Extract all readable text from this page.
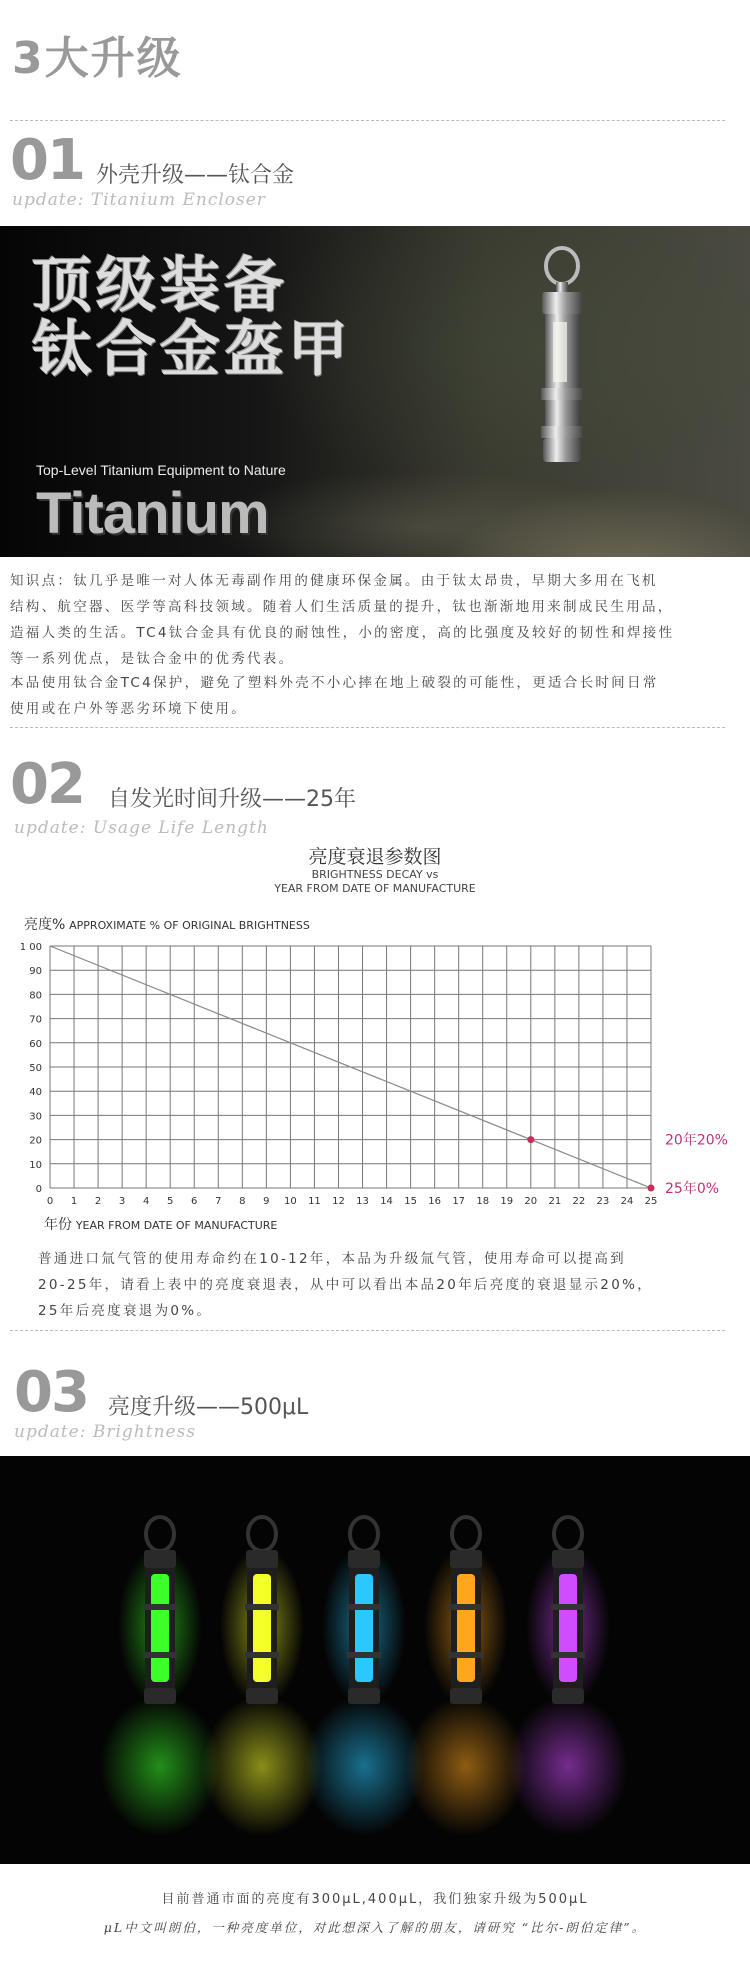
3大升级
01 外壳升级——钛合金
update: Titanium Encloser
顶级装备
钛合金盔甲
Top-Level Titanium Equipment to Nature
Titanium
知识点：钛几乎是唯一对人体无毒副作用的健康环保金属。由于钛太昂贵，早期大多用在飞机
结构、航空器、医学等高科技领域。随着人们生活质量的提升，钛也渐渐地用来制成民生用品，
造福人类的生活。TC4钛合金具有优良的耐蚀性，小的密度，高的比强度及较好的韧性和焊接性
等一系列优点，是钛合金中的优秀代表。
本品使用钛合金TC4保护，避免了塑料外壳不小心摔在地上破裂的可能性，更适合长时间日常
使用或在户外等恶劣环境下使用。
02 自发光时间升级——25年
update: Usage Life Length
亮度衰退参数图
BRIGHTNESS DECAY vs
YEAR FROM DATE OF MANUFACTURE
亮度% APPROXIMATE % OF ORIGINAL BRIGHTNESS
0 1 2 3 4 5 6 7 8 9 10 11 12 13 14 15 16 17 18 19 20 21 22 23 24 25
0
10
20
30
40
50
60
70
80
90
1 00
20年20%
25年0%
年份 YEAR FROM DATE OF MANUFACTURE
普通进口氚气管的使用寿命约在10-12年，本品为升级氚气管，使用寿命可以提高到
20-25年，请看上表中的亮度衰退表，从中可以看出本品20年后亮度的衰退显示20%，
25年后亮度衰退为0%。
03 亮度升级——500μL
update: Brightness
目前普通市面的亮度有300μL,400μL，我们独家升级为500μL
μL中文叫朗伯，一种亮度单位，对此想深入了解的朋友，请研究 “比尔-朗伯定律”。
